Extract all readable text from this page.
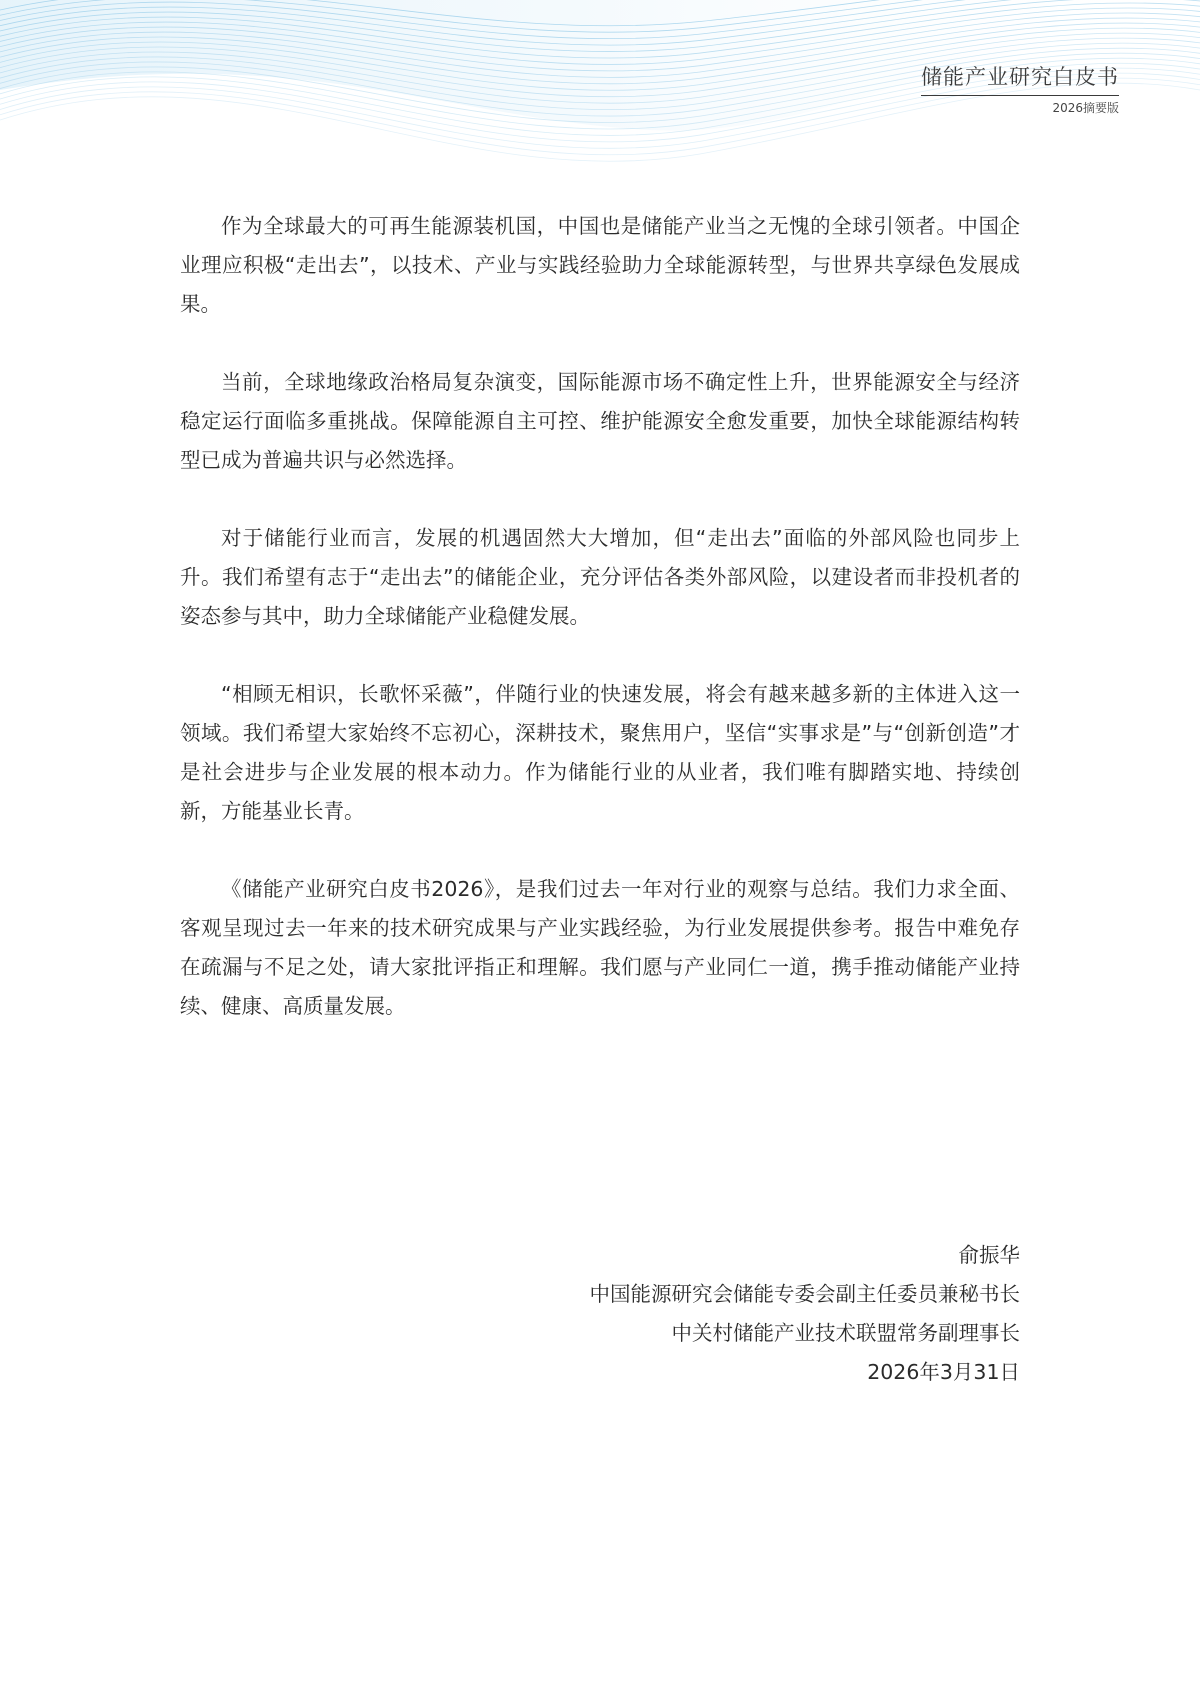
储能产业研究白皮书
2026摘要版

作为全球最大的可再生能源装机国，中国也是储能产业当之无愧的全球引领者。中国企业理应积极“走出去”，以技术、产业与实践经验助力全球能源转型，与世界共享绿色发展成果。

当前，全球地缘政治格局复杂演变，国际能源市场不确定性上升，世界能源安全与经济稳定运行面临多重挑战。保障能源自主可控、维护能源安全愈发重要，加快全球能源结构转型已成为普遍共识与必然选择。

对于储能行业而言，发展的机遇固然大大增加，但“走出去”面临的外部风险也同步上升。我们希望有志于“走出去”的储能企业，充分评估各类外部风险，以建设者而非投机者的姿态参与其中，助力全球储能产业稳健发展。

“相顾无相识，长歌怀采薇”，伴随行业的快速发展，将会有越来越多新的主体进入这一领域。我们希望大家始终不忘初心，深耕技术，聚焦用户，坚信“实事求是”与“创新创造”才是社会进步与企业发展的根本动力。作为储能行业的从业者，我们唯有脚踏实地、持续创新，方能基业长青。

《储能产业研究白皮书2026》，是我们过去一年对行业的观察与总结。我们力求全面、客观呈现过去一年来的技术研究成果与产业实践经验，为行业发展提供参考。报告中难免存在疏漏与不足之处，请大家批评指正和理解。我们愿与产业同仁一道，携手推动储能产业持续、健康、高质量发展。

俞振华
中国能源研究会储能专委会副主任委员兼秘书长
中关村储能产业技术联盟常务副理事长
2026年3月31日
